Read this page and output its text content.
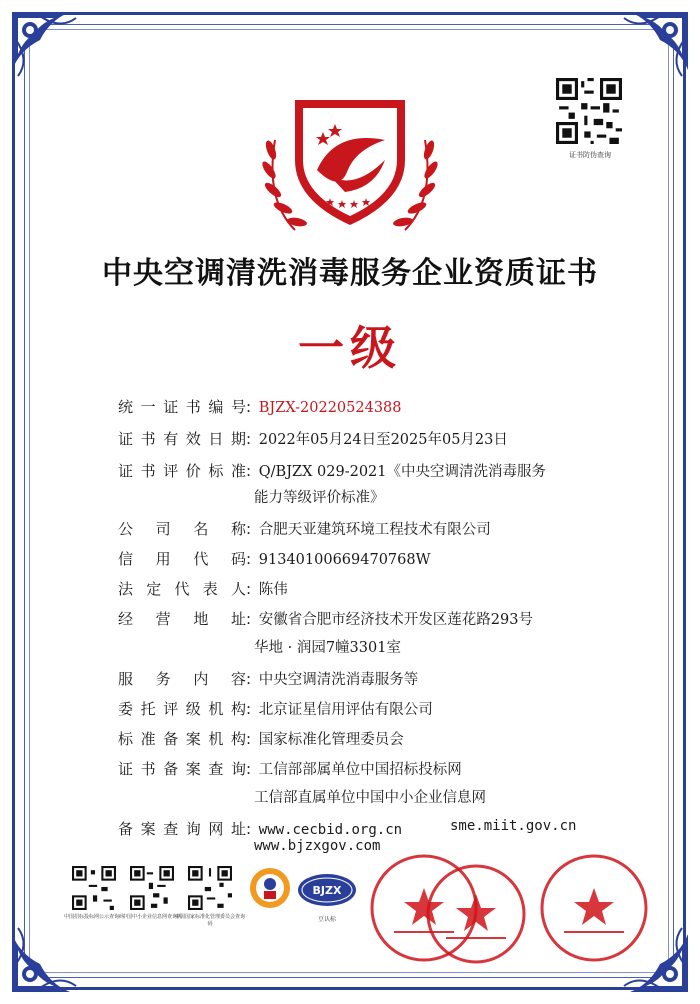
证书防伪查询
中央空调清洗消毒服务企业资质证书
一级
统一证书编号: BJZX-20220524388
证书有效日期: 2022年05月24日至2025年05月23日
证书评价标准: Q/BJZX 029-2021《中央空调清洗消毒服务
能力等级评价标准》
公司名称: 合肥天亚建筑环境工程技术有限公司
信用代码: 91340100669470768W
法定代表人: 陈伟
经营地址: 安徽省合肥市经济技术开发区莲花路293号
华地 · 润园7幢3301室
服务内容: 中央空调清洗消毒服务等
委托评级机构: 北京证星信用评估有限公司
标准备案机构: 国家标准化管理委员会
证书备案查询: 工信部部属单位中国招标投标网
工信部直属单位中国中小企业信息网
备案查询网址: www.cecbid.org.cn	sme.miit.gov.cn
www.bjzxgov.com
中国招标投标网公示查询码
中国中小企业信息网查询码
中国国家标准化管理委员会查询码
BJZX
豆认标
